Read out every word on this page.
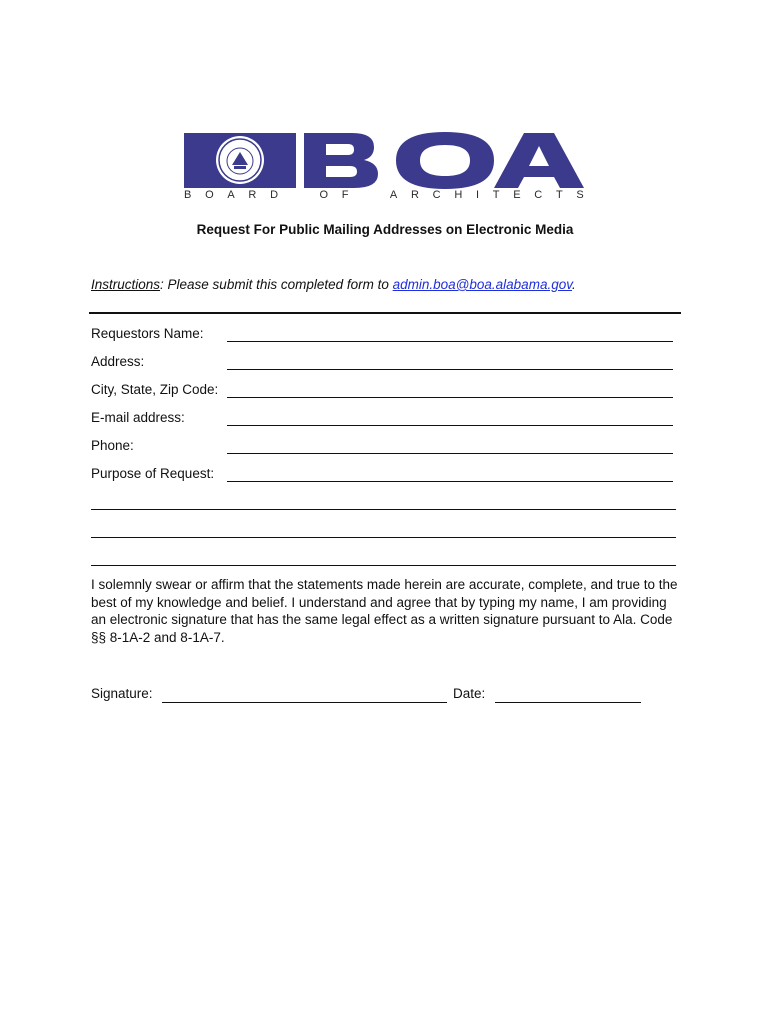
B O A R D	O F	A R C H I T E C T S
Request For Public Mailing Addresses on Electronic Media
Instructions: Please submit this completed form to admin.boa@boa.alabama.gov.
Requestors Name:
Address:
City, State, Zip Code:
E-mail address:
Phone:
Purpose of Request:
I solemnly swear or affirm that the statements made herein are accurate, complete, and true to the best of my knowledge and belief. I understand and agree that by typing my name, I am providing an electronic signature that has the same legal effect as a written signature pursuant to Ala. Code §§ 8-1A-2 and 8-1A-7.
Signature:	Date:
